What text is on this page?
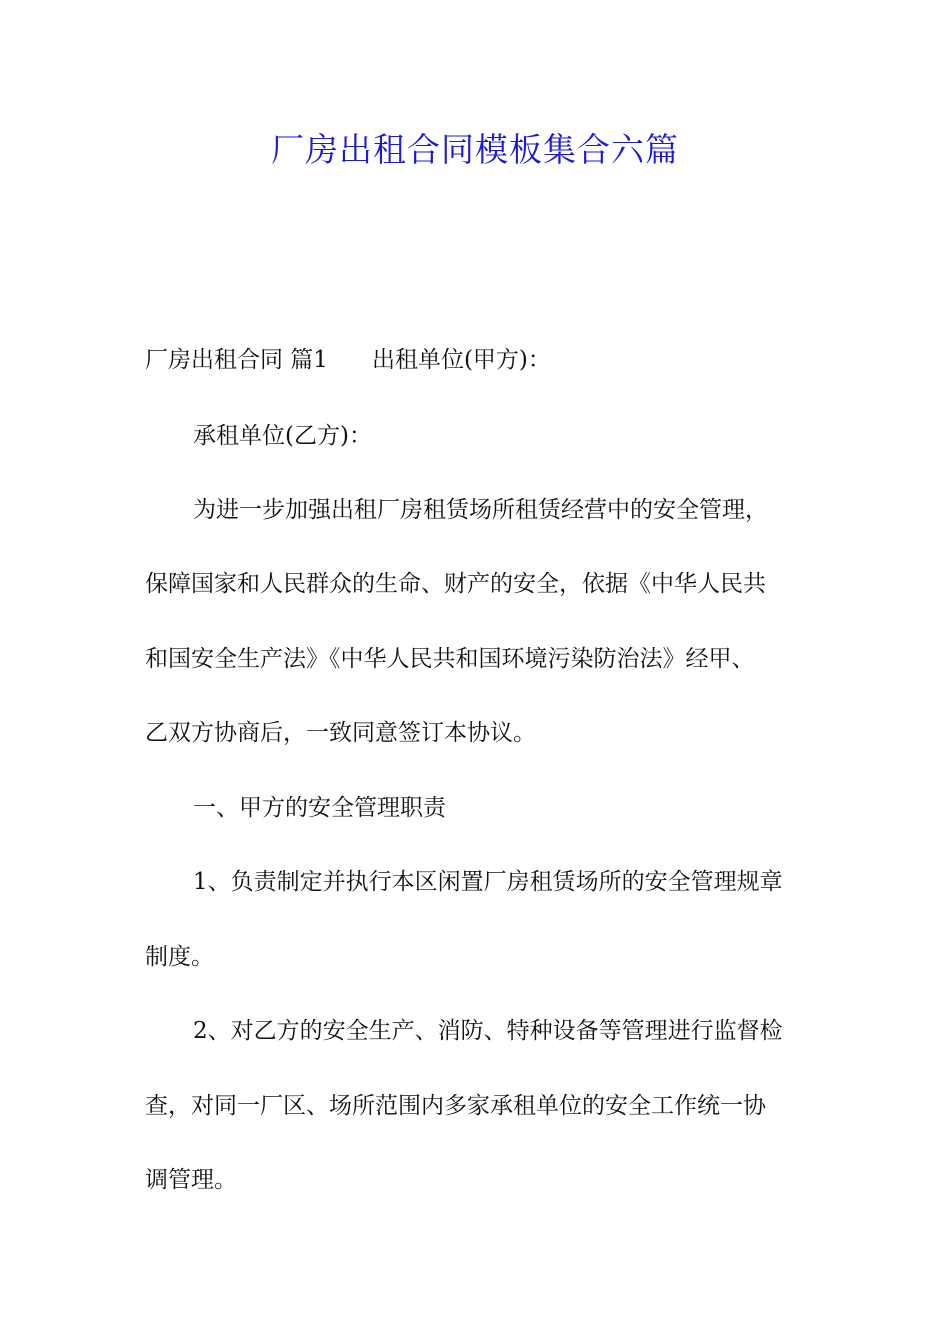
厂房出租合同模板集合六篇
厂房出租合同 篇1 出租单位(甲方)：
承租单位(乙方)：
为进一步加强出租厂房租赁场所租赁经营中的安全管理，
保障国家和人民群众的生命、财产的安全，依据《中华人民共
和国安全生产法》《中华人民共和国环境污染防治法》经甲、
乙双方协商后，一致同意签订本协议。
一、甲方的安全管理职责
1、负责制定并执行本区闲置厂房租赁场所的安全管理规章
制度。
2、对乙方的安全生产、消防、特种设备等管理进行监督检
查，对同一厂区、场所范围内多家承租单位的安全工作统一协
调管理。
